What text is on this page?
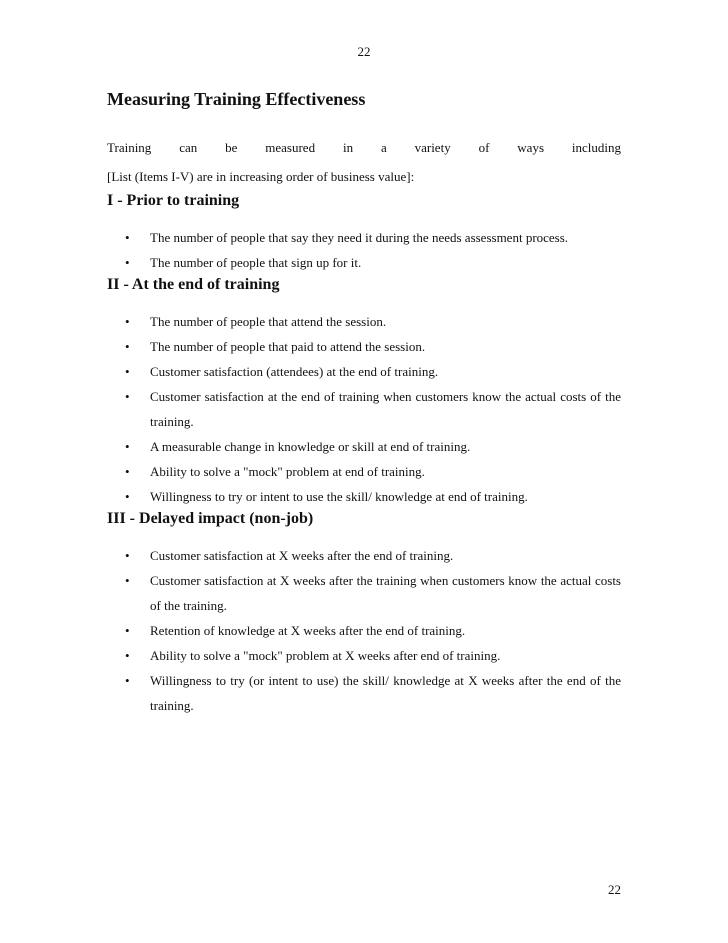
22
Measuring Training Effectiveness
Training can be measured in a variety of ways including
[List (Items I-V) are in increasing order of business value]:
I - Prior to training
• The number of people that say they need it during the needs assessment process.
• The number of people that sign up for it.
II - At the end of training
• The number of people that attend the session.
• The number of people that paid to attend the session.
• Customer satisfaction (attendees) at the end of training.
• Customer satisfaction at the end of training when customers know the actual costs of the training.
• A measurable change in knowledge or skill at end of training.
• Ability to solve a "mock" problem at end of training.
• Willingness to try or intent to use the skill/ knowledge at end of training.
III - Delayed impact (non-job)
• Customer satisfaction at X weeks after the end of training.
• Customer satisfaction at X weeks after the training when customers know the actual costs of the training.
• Retention of knowledge at X weeks after the end of training.
• Ability to solve a "mock" problem at X weeks after end of training.
• Willingness to try (or intent to use) the skill/ knowledge at X weeks after the end of the training.
22
